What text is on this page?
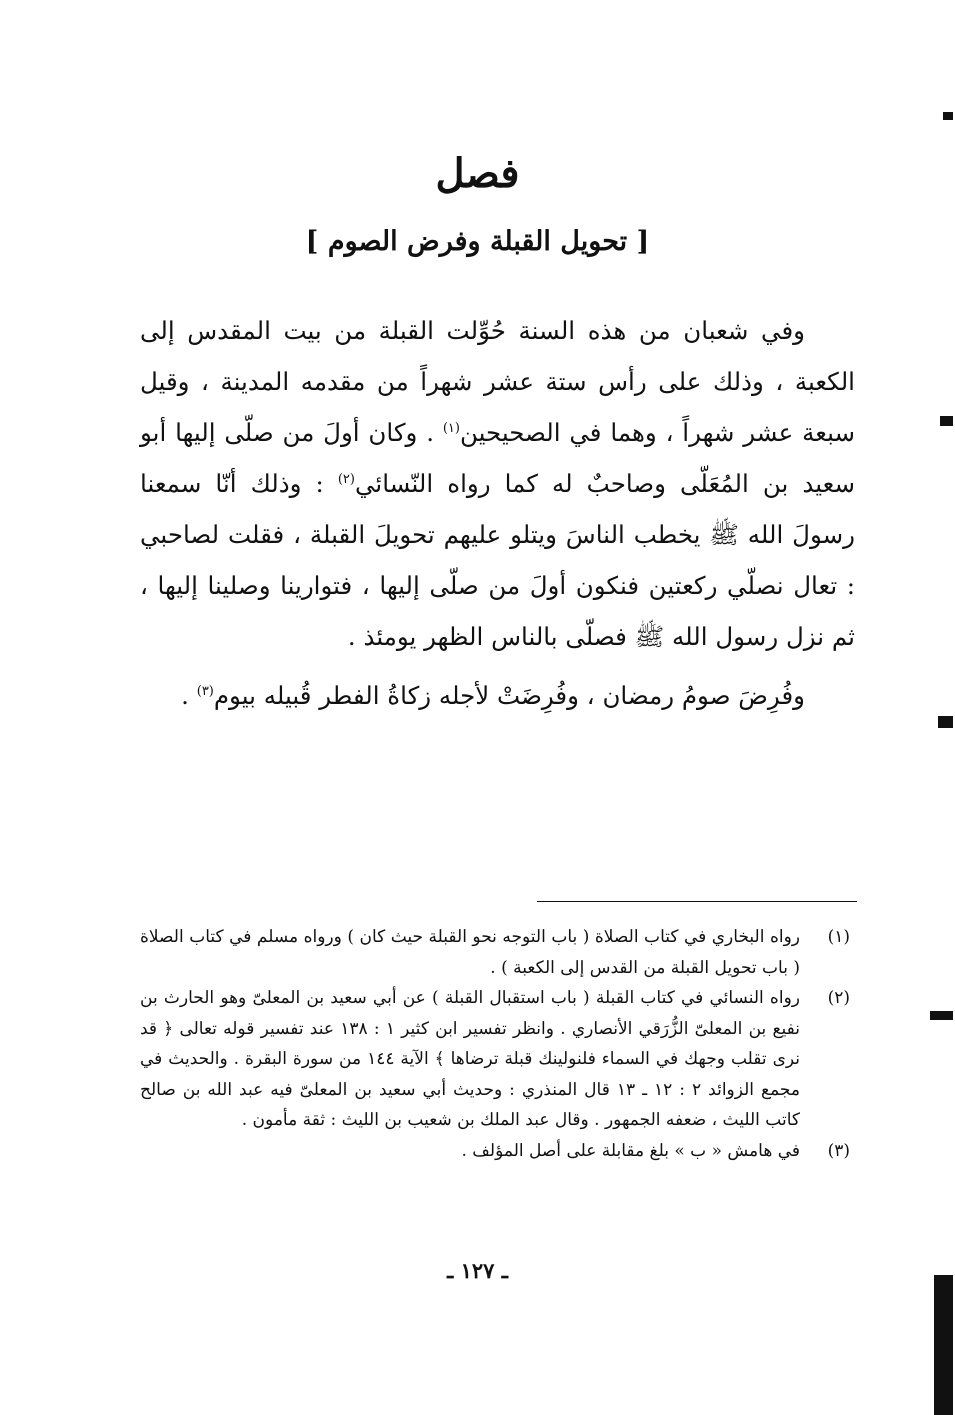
فصل
[ تحويل القبلة وفرض الصوم ]

وفي شعبان من هذه السنة حُوِّلت القبلة من بيت المقدس إلى الكعبة ، وذلك على رأس ستة عشر شهراً من مقدمه المدينة ، وقيل سبعة عشر شهراً ، وهما في الصحيحين$^{(١)}$ . وكان أولَ من صلّى إليها أبو سعيد بن المُعَلّى وصاحبٌ له كما رواه النّسائي$^{(٢)}$ : وذلك أنّا سمعنا رسولَ الله ﷺ يخطب الناسَ ويتلو عليهم تحويلَ القبلة ، فقلت لصاحبي : تعال نصلّي ركعتين فنكون أولَ من صلّى إليها ، فتوارينا وصلينا إليها ، ثم نزل رسول الله ﷺ فصلّى بالناس الظهر يومئذ .

وفُرِضَ صومُ رمضان ، وفُرِضَتْ لأجله زكاةُ الفطر قُبيله بيوم$^{(٣)}$ .

(١)
رواه البخاري في كتاب الصلاة ( باب التوجه نحو القبلة حيث كان ) ورواه مسلم في كتاب الصلاة ( باب تحويل القبلة من القدس إلى الكعبة ) .
(٢)
رواه النسائي في كتاب القبلة ( باب استقبال القبلة ) عن أبي سعيد بن المعلىّ وهو الحارث بن نفيع بن المعلىّ الزُّرَقي الأنصاري . وانظر تفسير ابن كثير ١ : ١٣٨ عند تفسير قوله تعالى ﴿ قد نرى تقلب وجهك في السماء فلنولينك قبلة ترضاها ﴾ الآية ١٤٤ من سورة البقرة . والحديث في مجمع الزوائد ٢ : ١٢ ـ ١٣ قال المنذري : وحديث أبي سعيد بن المعلىّ فيه عبد الله بن صالح كاتب الليث ، ضعفه الجمهور . وقال عبد الملك بن شعيب بن الليث : ثقة مأمون .
(٣)
في هامش « ب » بلغ مقابلة على أصل المؤلف .
ـ ١٢٧ ـ
